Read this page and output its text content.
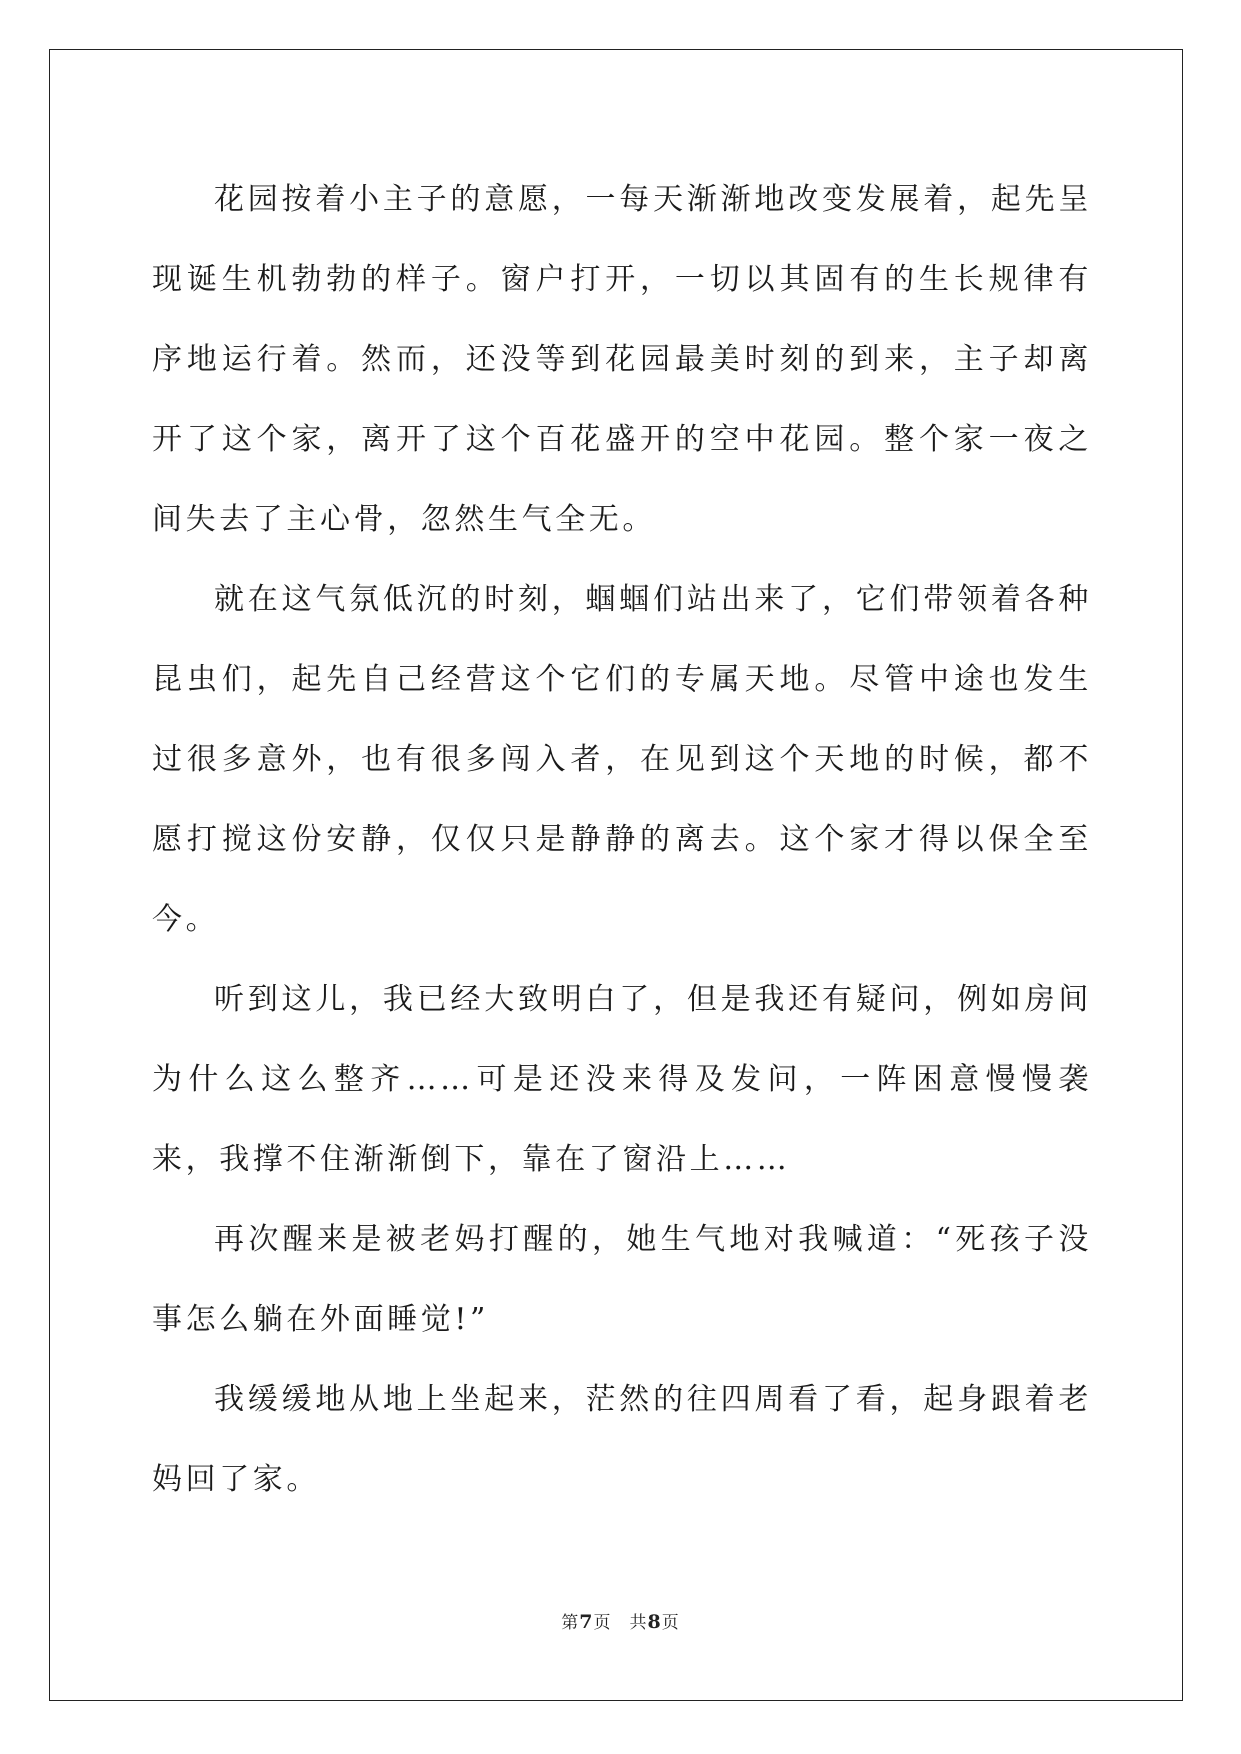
花园按着小主子的意愿，一每天渐渐地改变发展着，起先呈现诞生机勃勃的样子。窗户打开，一切以其固有的生长规律有序地运行着。然而，还没等到花园最美时刻的到来，主子却离开了这个家，离开了这个百花盛开的空中花园。整个家一夜之间失去了主心骨，忽然生气全无。

就在这气氛低沉的时刻，蝈蝈们站出来了，它们带领着各种昆虫们，起先自己经营这个它们的专属天地。尽管中途也发生过很多意外，也有很多闯入者，在见到这个天地的时候，都不愿打搅这份安静，仅仅只是静静的离去。这个家才得以保全至今。

听到这儿，我已经大致明白了，但是我还有疑问，例如房间为什么这么整齐……可是还没来得及发问，一阵困意慢慢袭来，我撑不住渐渐倒下，靠在了窗沿上……

再次醒来是被老妈打醒的，她生气地对我喊道：“死孩子没事怎么躺在外面睡觉!”

我缓缓地从地上坐起来，茫然的往四周看了看，起身跟着老妈回了家。

第7页　共8页
